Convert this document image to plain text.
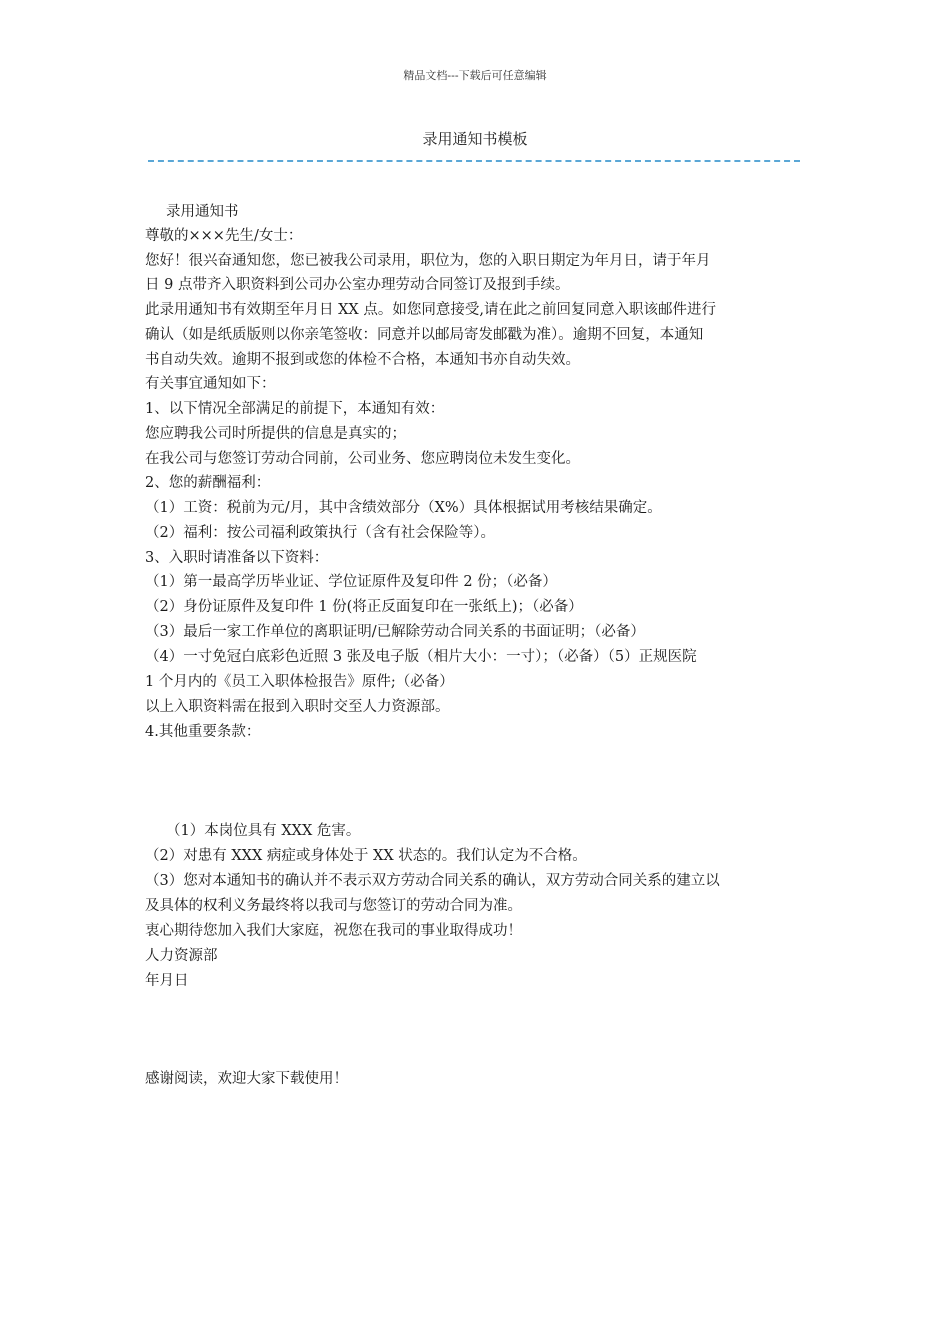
精品文档---下载后可任意编辑
录用通知书模板
录用通知书
尊敬的×××先生/女士：
您好！很兴奋通知您，您已被我公司录用，职位为，您的入职日期定为年月日，请于年月
日 9 点带齐入职资料到公司办公室办理劳动合同签订及报到手续。
此录用通知书有效期至年月日 XX 点。如您同意接受,请在此之前回复同意入职该邮件进行
确认（如是纸质版则以你亲笔签收：同意并以邮局寄发邮戳为准）。逾期不回复，本通知
书自动失效。逾期不报到或您的体检不合格，本通知书亦自动失效。
有关事宜通知如下：
1、以下情况全部满足的前提下，本通知有效：
您应聘我公司时所提供的信息是真实的；
在我公司与您签订劳动合同前，公司业务、您应聘岗位未发生变化。
2、您的薪酬福利：
（1）工资：税前为元/月，其中含绩效部分（X%）具体根据试用考核结果确定。
（2）福利：按公司福利政策执行（含有社会保险等）。
3、入职时请准备以下资料：
（1）第一最高学历毕业证、学位证原件及复印件 2 份；（必备）
（2）身份证原件及复印件 1 份(将正反面复印在一张纸上)；（必备）
（3）最后一家工作单位的离职证明/已解除劳动合同关系的书面证明；（必备）
（4）一寸免冠白底彩色近照 3 张及电子版（相片大小：一寸）；（必备）（5）正规医院
1 个月内的《员工入职体检报告》原件;（必备）
以上入职资料需在报到入职时交至人力资源部。
4.其他重要条款：
（1）本岗位具有 XXX 危害。
（2）对患有 XXX 病症或身体处于 XX 状态的。我们认定为不合格。
（3）您对本通知书的确认并不表示双方劳动合同关系的确认，双方劳动合同关系的建立以
及具体的权利义务最终将以我司与您签订的劳动合同为准。
衷心期待您加入我们大家庭，祝您在我司的事业取得成功！
人力资源部
年月日
感谢阅读，欢迎大家下载使用！
